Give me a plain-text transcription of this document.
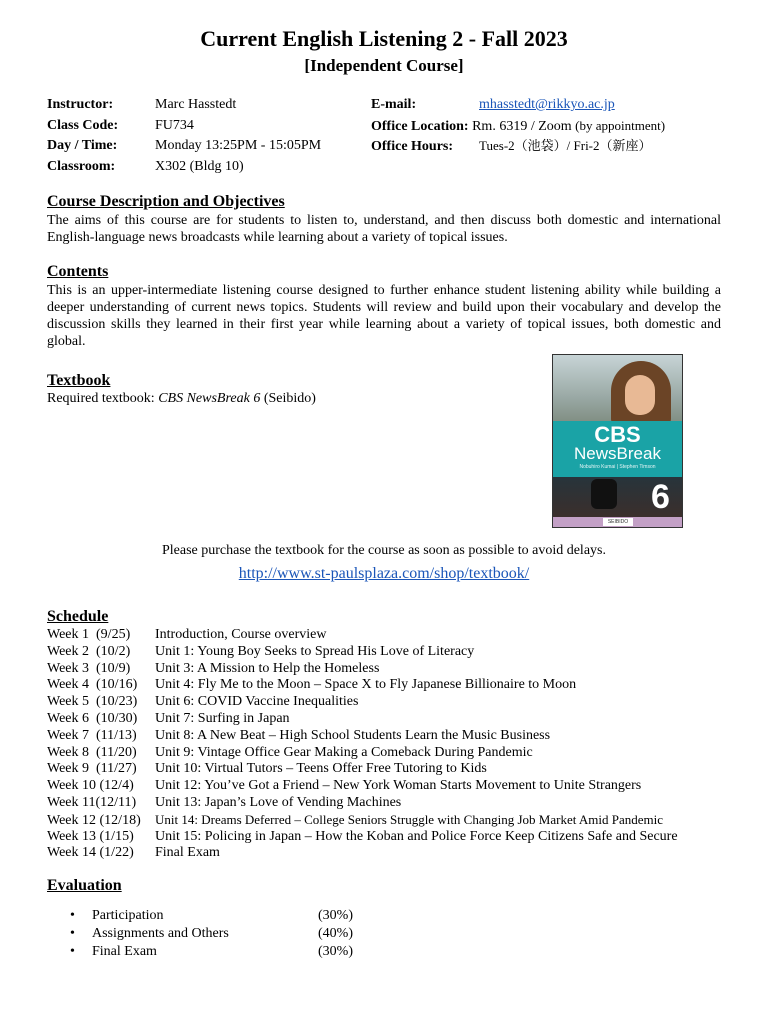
Current English Listening 2 - Fall 2023
[Independent Course]
Instructor:	Marc Hasstedt
Class Code:	FU734
Day / Time:	Monday 13:25PM - 15:05PM
Classroom:	X302 (Bldg 10)
E-mail:	mhasstedt@rikkyo.ac.jp
Office Location: Rm. 6319 / Zoom (by appointment)
Office Hours: Tues-2（池袋）/ Fri-2（新座）
Course Description and Objectives
The aims of this course are for students to listen to, understand, and then discuss both domestic and international English-language news broadcasts while learning about a variety of topical issues.
Contents
This is an upper-intermediate listening course designed to further enhance student listening ability while building a deeper understanding of current news topics. Students will review and build upon their vocabulary and develop the discussion skills they learned in their first year while learning about a variety of topical issues, both domestic and global.
Textbook
Required textbook: CBS NewsBreak 6 (Seibido)
CBS
NewsBreak
Nobuhiro Kumai | Stephen Timson
6
SEIBIDO
Please purchase the textbook for the course as soon as possible to avoid delays.
http://www.st-paulsplaza.com/shop/textbook/
Schedule
Week 1  (9/25) Introduction, Course overview
Week 2  (10/2) Unit 1: Young Boy Seeks to Spread His Love of Literacy
Week 3  (10/9) Unit 3: A Mission to Help the Homeless
Week 4  (10/16) Unit 4: Fly Me to the Moon – Space X to Fly Japanese Billionaire to Moon
Week 5  (10/23) Unit 6: COVID Vaccine Inequalities
Week 6  (10/30) Unit 7: Surfing in Japan
Week 7  (11/13) Unit 8: A New Beat – High School Students Learn the Music Business
Week 8  (11/20) Unit 9: Vintage Office Gear Making a Comeback During Pandemic
Week 9  (11/27) Unit 10: Virtual Tutors – Teens Offer Free Tutoring to Kids
Week 10 (12/4) Unit 12: You’ve Got a Friend – New York Woman Starts Movement to Unite Strangers
Week 11(12/11) Unit 13: Japan’s Love of Vending Machines
Week 12 (12/18) Unit 14: Dreams Deferred – College Seniors Struggle with Changing Job Market Amid Pandemic
Week 13 (1/15) Unit 15: Policing in Japan – How the Koban and Police Force Keep Citizens Safe and Secure
Week 14 (1/22) Final Exam
Evaluation
• Participation	(30%)
• Assignments and Others	(40%)
• Final Exam	(30%)
